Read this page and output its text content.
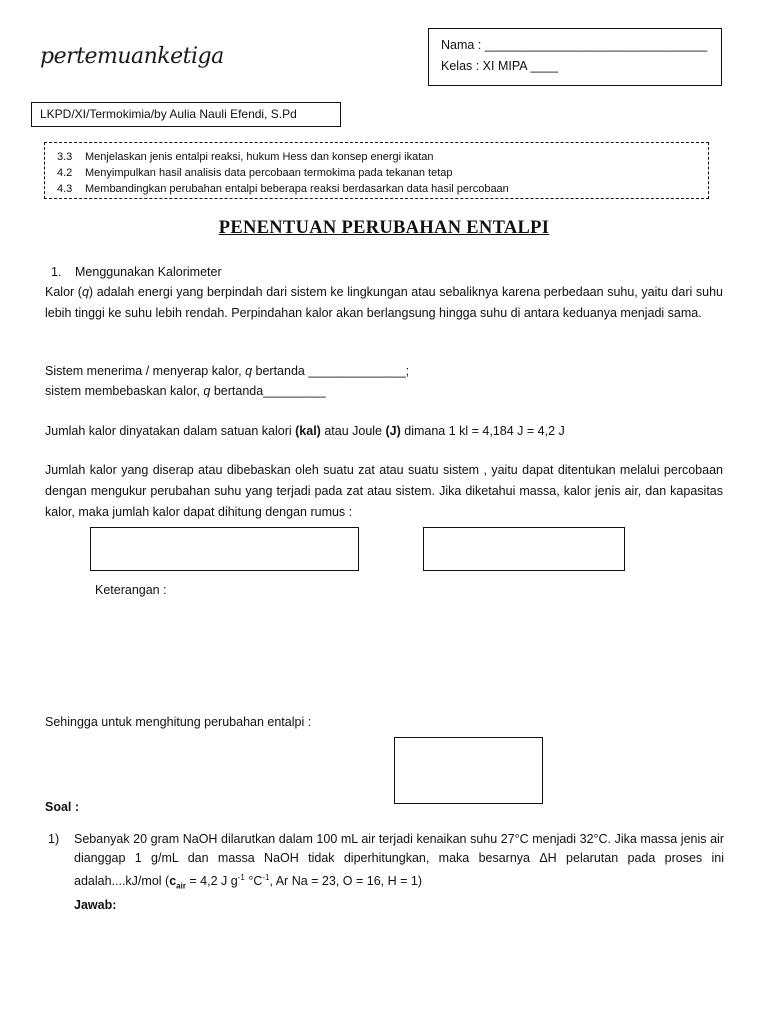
pertemuanketiga	Nama : ________________________________
Kelas : XI MIPA ____
LKPD/XI/Termokimia/by Aulia Nauli Efendi, S.Pd
3.3	Menjelaskan jenis entalpi reaksi, hukum Hess dan konsep energi ikatan
4.2	Menyimpulkan hasil analisis data percobaan termokima pada tekanan tetap
4.3	Membandingkan perubahan entalpi beberapa reaksi berdasarkan data hasil percobaan
PENENTUAN PERUBAHAN ENTALPI
1. Menggunakan Kalorimeter
Kalor (q) adalah energi yang berpindah dari sistem ke lingkungan atau sebaliknya karena perbedaan suhu, yaitu dari suhu lebih tinggi ke suhu lebih rendah. Perpindahan kalor akan berlangsung hingga suhu di antara keduanya menjadi sama.
Sistem menerima / menyerap kalor, q bertanda ______________;
sistem membebaskan kalor, q bertanda_________
Jumlah kalor dinyatakan dalam satuan kalori (kal) atau Joule (J) dimana 1 kl = 4,184 J = 4,2 J
Jumlah kalor yang diserap atau dibebaskan oleh suatu zat atau suatu sistem , yaitu dapat ditentukan melalui percobaan dengan mengukur perubahan suhu yang terjadi pada zat atau sistem. Jika diketahui massa, kalor jenis air, dan kapasitas kalor, maka jumlah kalor dapat dihitung dengan rumus :
Keterangan :
Sehingga untuk menghitung perubahan entalpi :
Soal :
1)	Sebanyak 20 gram NaOH dilarutkan dalam 100 mL air terjadi kenaikan suhu 27°C menjadi 32°C. Jika massa jenis air dianggap 1 g/mL dan massa NaOH tidak diperhitungkan, maka besarnya ΔH pelarutan pada proses ini adalah....kJ/mol ($c_{air} = 4,2$ J $g^{-1}$ $^\circ C^{-1}$, Ar Na = 23, O = 16, H = 1)
Jawab:
